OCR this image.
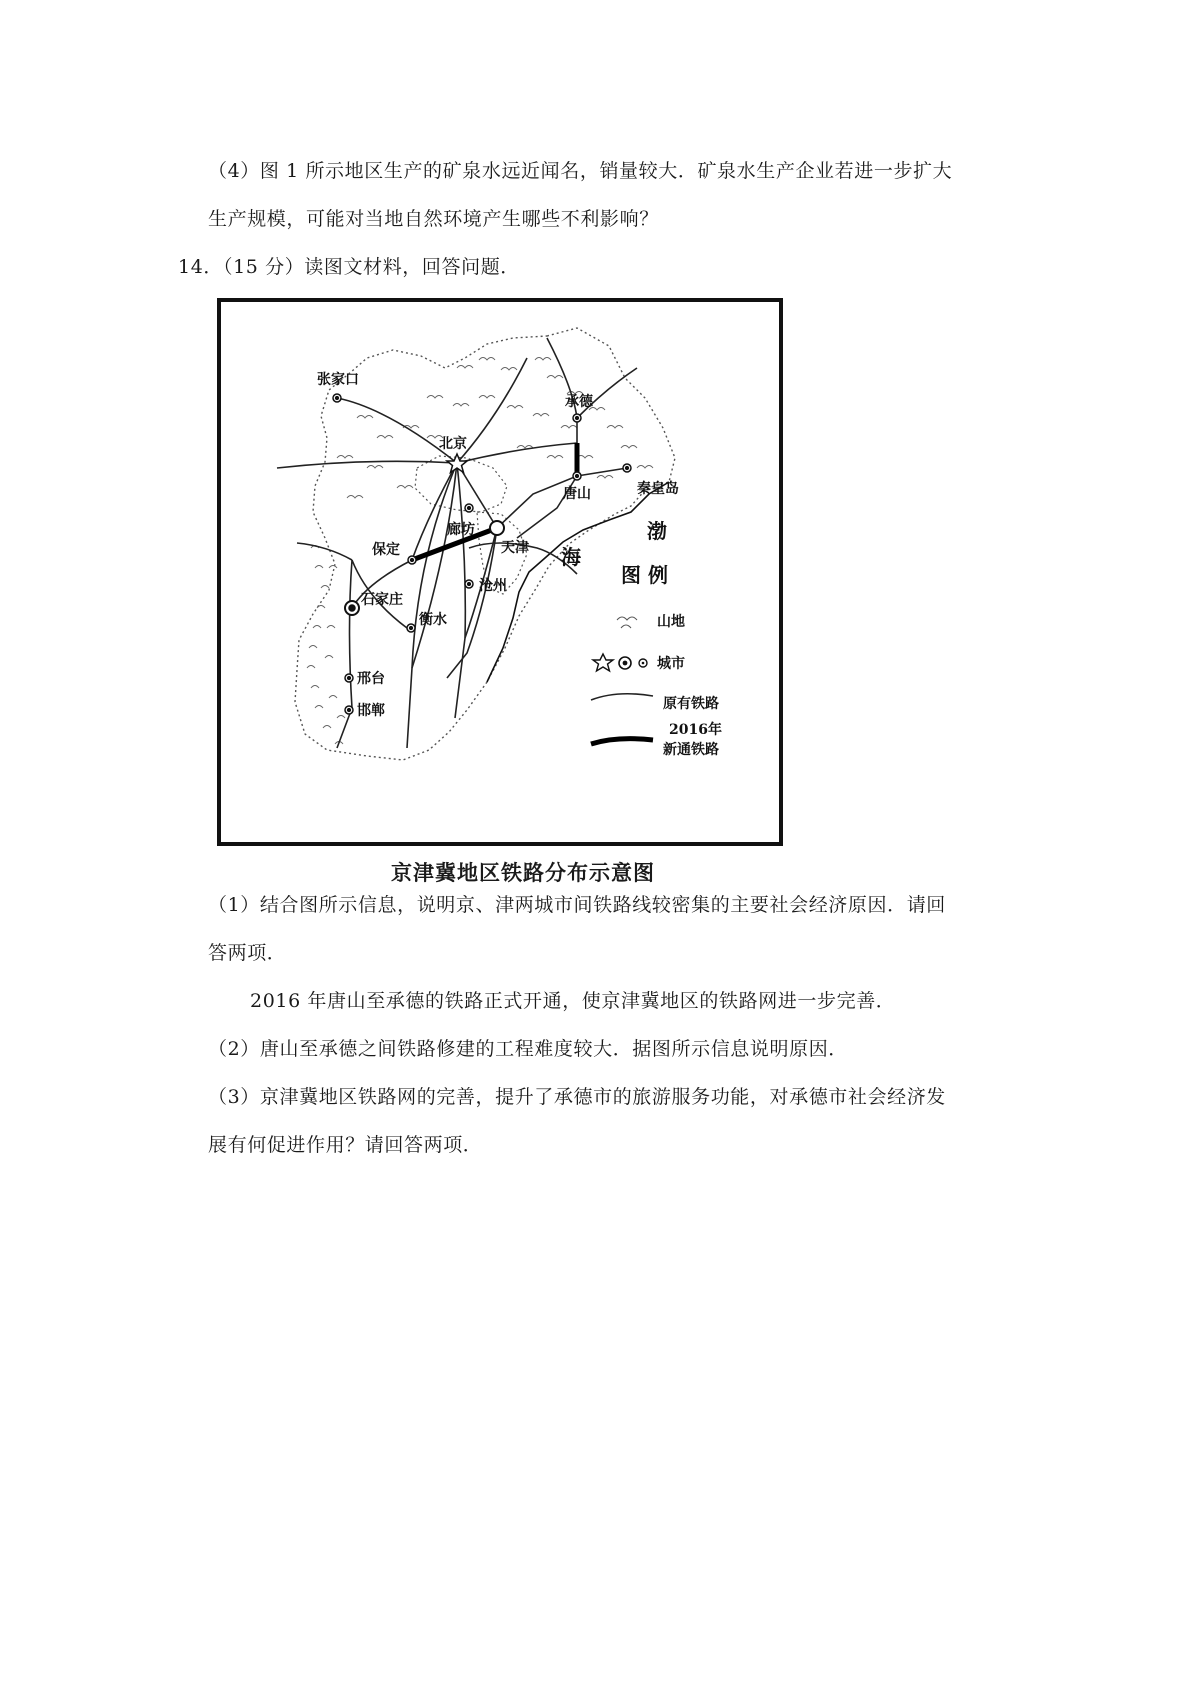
（4）图 1 所示地区生产的矿泉水远近闻名，销量较大．矿泉水生产企业若进一步扩大
生产规模，可能对当地自然环境产生哪些不利影响？
14．（15 分）读图文材料，回答问题．
张家口
承德
北京
廊坊
唐山	秦皇岛
天津
保定
沧州
石家庄
衡水
邢台
邯郸
渤
海
图 例
山地
城市
原有铁路
2016年
新通铁路
京津冀地区铁路分布示意图
（1）结合图所示信息，说明京、津两城市间铁路线较密集的主要社会经济原因．请回
答两项．
2016 年唐山至承德的铁路正式开通，使京津冀地区的铁路网进一步完善．
（2）唐山至承德之间铁路修建的工程难度较大．据图所示信息说明原因．
（3）京津冀地区铁路网的完善，提升了承德市的旅游服务功能，对承德市社会经济发
展有何促进作用？请回答两项．
